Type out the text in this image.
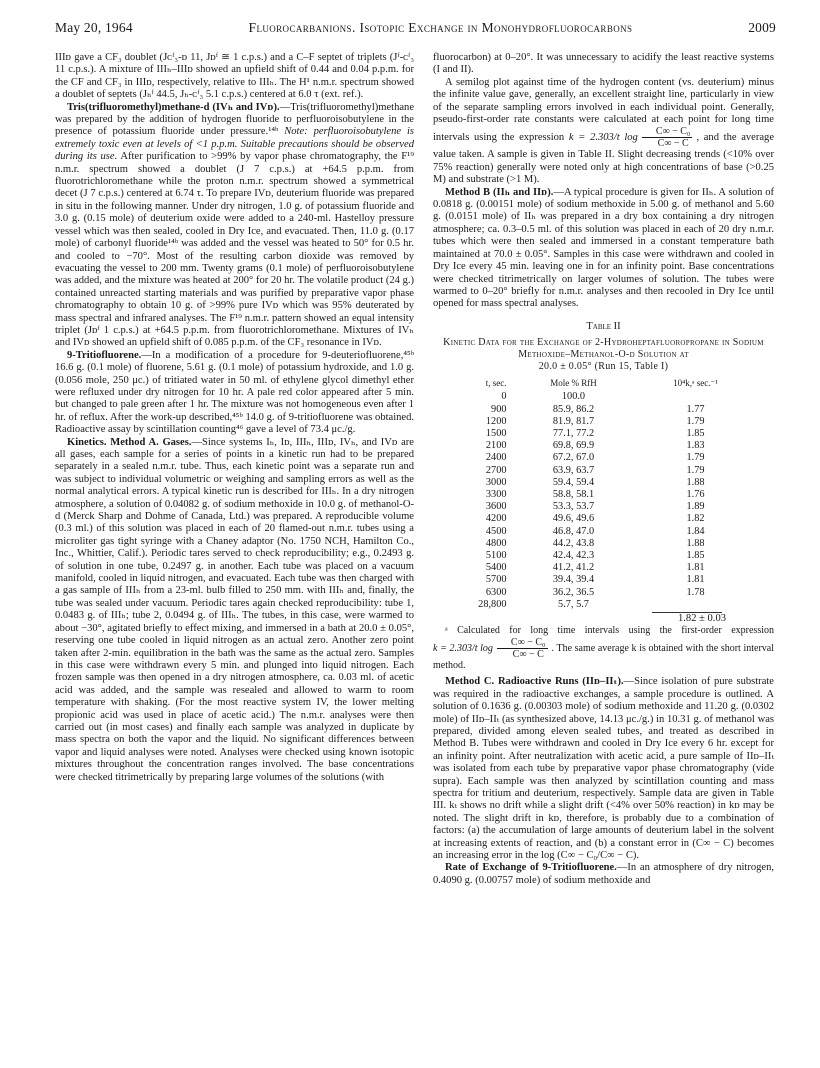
May 20, 1964	Fluorocarbanions. Isotopic Exchange in Monohydrofluorocarbons	2009

IIIᴅ gave a CF₃ doublet (Jᴄᶠ₃‑ᴅ 11, Jᴅᶠ ≅ 1 c.p.s.) and a C–F septet of triplets (Jᶠ‑ᴄᶠ₃ 11 c.p.s.). A mixture of IIIₕ–IIIᴅ showed an upfield shift of 0.44 and 0.04 p.p.m. for the CF and CF₃ in IIIᴅ, respectively, relative to IIIₕ. The H¹ n.m.r. spectrum showed a doublet of septets (Jₕᶠ 44.5, Jₕ‑ᴄᶠ₃ 5.1 c.p.s.) centered at 6.0 τ (ext. ref.).

Tris(trifluoromethyl)methane-d (IVₕ and IVᴅ).—Tris(trifluoromethyl)methane was prepared by the addition of hydrogen fluoride to perfluoroisobutylene in the presence of potassium fluoride under pressure.¹⁴ᵇ Note: perfluoroisobutylene is extremely toxic even at levels of <1 p.p.m. Suitable precautions should be observed during its use. After purification to >99% by vapor phase chromatography, the F¹⁹ n.m.r. spectrum showed a doublet (J 7 c.p.s.) at +64.5 p.p.m. from fluorotrichloromethane while the proton n.m.r. spectrum showed a symmetrical decet (J 7 c.p.s.) centered at 6.74 τ. To prepare IVᴅ, deuterium fluoride was prepared in situ in the following manner. Under dry nitrogen, 1.0 g. of potassium fluoride and 3.0 g. (0.15 mole) of deuterium oxide were added to a 240-ml. Hastelloy pressure vessel which was then sealed, cooled in Dry Ice, and evacuated. Then, 11.0 g. (0.17 mole) of carbonyl fluoride¹⁴ᵇ was added and the vessel was heated to 50° for 0.5 hr. and cooled to −70°. Most of the resulting carbon dioxide was removed by evacuating the vessel to 200 mm. Twenty grams (0.1 mole) of perfluoroisobutylene was added, and the mixture was heated at 200° for 20 hr. The volatile product (24 g.) contained unreacted starting materials and was purified by preparative vapor phase chromatography to obtain 10 g. of >99% pure IVᴅ which was 95% deuterated by mass spectral and infrared analyses. The F¹⁹ n.m.r. pattern showed an equal intensity triplet (Jᴅᶠ 1 c.p.s.) at +64.5 p.p.m. from fluorotrichloromethane. Mixtures of IVₕ and IVᴅ showed an upfield shift of 0.085 p.p.m. of the CF₃ resonance in IVᴅ.

9-Tritiofluorene.—In a modification of a procedure for 9-deuteriofluorene,⁴⁵ᵇ 16.6 g. (0.1 mole) of fluorene, 5.61 g. (0.1 mole) of potassium hydroxide, and 1.0 g. (0.056 mole, 250 μc.) of tritiated water in 50 ml. of ethylene glycol dimethyl ether were refluxed under dry nitrogen for 10 hr. A pale red color appeared after 5 min. but changed to pale green after 1 hr. The mixture was not homogeneous even after 1 hr. of reflux. After the work-up described,⁴⁵ᵇ 14.0 g. of 9-tritiofluorene was obtained. Radioactive assay by scintillation counting⁴⁶ gave a level of 73.4 μc./g.

Kinetics. Method A. Gases.—Since systems Iₕ, Iᴅ, IIIₕ, IIIᴅ, IVₕ, and IVᴅ are all gases, each sample for a series of points in a kinetic run had to be prepared separately in a sealed n.m.r. tube. Thus, each kinetic point was a separate run and was subject to individual volumetric or weighing and sampling errors as well as the normal analytical errors. A typical kinetic run is described for IIIₕ. In a dry nitrogen atmosphere, a solution of 0.04082 g. of sodium methoxide in 10.0 g. of methanol-O-d (Merck Sharp and Dohme of Canada, Ltd.) was prepared. A reproducible volume (0.3 ml.) of this solution was placed in each of 20 flamed-out n.m.r. tubes using a microliter gas tight syringe with a Chaney adaptor (No. 1750 NCH, Hamilton Co., Inc., Whittier, Calif.). Periodic tares served to check reproducibility; e.g., 0.2493 g. of solution in one tube, 0.2497 g. in another. Each tube was placed on a vacuum manifold, cooled in liquid nitrogen, and evacuated. Each tube was then charged with a gas sample of IIIₕ from a 23-ml. bulb filled to 250 mm. with IIIₕ and, finally, the tube was sealed under vacuum. Periodic tares again checked reproducibility: tube 1, 0.0483 g. of IIIₕ; tube 2, 0.0494 g. of IIIₕ. The tubes, in this case, were warmed to about −30°, agitated briefly to effect mixing, and immersed in a bath at 20.0 ± 0.05°, reserving one tube cooled in liquid nitrogen as an actual zero. Another zero point taken after 2-min. equilibration in the bath was the same as the actual zero. Samples in this case were withdrawn every 5 min. and plunged into liquid nitrogen. Each frozen sample was then opened in a dry nitrogen atmosphere, ca. 0.03 ml. of acetic acid was added, and the sample was resealed and allowed to warm to room temperature with shaking. (For the most reactive system IV, the lower melting propionic acid was used in place of acetic acid.) The n.m.r. analyses were then carried out (in most cases) and finally each sample was analyzed in duplicate by mass spectra on both the vapor and the liquid. No significant differences between vapor and liquid analyses were noted. Analyses were checked using known isotopic mixtures throughout the concentration ranges involved. The base concentrations were checked titrimetrically by preparing large volumes of the solutions (with

fluorocarbon) at 0–20°. It was unnecessary to acidify the least reactive systems (I and II).

A semilog plot against time of the hydrogen content (vs. deuterium) minus the infinite value gave, generally, an excellent straight line, particularly in view of the separate sampling errors involved in each individual point. Generally, pseudo-first-order rate constants were calculated at each point for long time intervals using the expression k = 2.303/t $\log \frac{\text{C∞ − C₀}}{C\infty - C}$ , and the average value taken. A sample is given in Table II. Slight decreasing trends (<10% over 75% reaction) generally were noted only at high concentrations of base (>0.25 M) and substrate (>1 M).

Method B (IIₕ and IIᴅ).—A typical procedure is given for IIₕ. A solution of 0.0818 g. (0.00151 mole) of sodium methoxide in 5.00 g. of methanol and 5.60 g. (0.0151 mole) of IIₕ was prepared in a dry box containing a dry nitrogen atmosphere; ca. 0.3–0.5 ml. of this solution was placed in each of 20 dry n.m.r. tubes which were then sealed and immersed in a constant temperature bath maintained at 70.0 ± 0.05°. Samples in this case were withdrawn and cooled in Dry Ice every 45 min. leaving one in for an infinity point. Base concentrations were checked titrimetrically on larger volumes of solution. The tubes were warmed to 0–20° briefly for n.m.r. analyses and then recooled in Dry Ice until opened for mass spectral analyses.

Table II
Kinetic Data for the Exchange of 2-Hydroheptafluoropropane in Sodium Methoxide–Methanol-O-d Solution at
20.0 ± 0.05° (Run 15, Table I)
t, sec.	Mole % RfH	10⁴k,ᵃ sec.⁻¹
0	100.0	
900	85.9, 86.2	1.77
1200	81.9, 81.7	1.79
1500	77.1, 77.2	1.85
2100	69.8, 69.9	1.83
2400	67.2, 67.0	1.79
2700	63.9, 63.7	1.79
3000	59.4, 59.4	1.88
3300	58.8, 58.1	1.76
3600	53.3, 53.7	1.89
4200	49.6, 49.6	1.82
4500	46.8, 47.0	1.84
4800	44.2, 43.8	1.88
5100	42.4, 42.3	1.85
5400	41.2, 41.2	1.81
5700	39.4, 39.4	1.81
6300	36.2, 36.5	1.78
28,800	5.7, 5.7	
1.82 ± 0.03

ᵃ Calculated for long time intervals using the first-order expression k = 2.303/t $\log \frac{\text{C∞ − C₀}}{C\infty - C}$ . The same average k is obtained with the short interval method.

Method C. Radioactive Runs (IIᴅ–IIₜ).—Since isolation of pure substrate was required in the radioactive exchanges, a sample procedure is outlined. A solution of 0.1636 g. (0.00303 mole) of sodium methoxide and 11.20 g. (0.0302 mole) of IIᴅ–IIₜ (as synthesized above, 14.13 μc./g.) in 10.31 g. of methanol was prepared, divided among eleven sealed tubes, and treated as described in Method B. Tubes were withdrawn and cooled in Dry Ice every 6 hr. except for an infinity point. After neutralization with acetic acid, a pure sample of IIᴅ–IIₜ was isolated from each tube by preparative vapor phase chromatography (vide supra). Each sample was then analyzed by scintillation counting and mass spectra for tritium and deuterium, respectively. Sample data are given in Table III. kₜ shows no drift while a slight drift (<4% over 50% reaction) in kᴅ may be noted. The slight drift in kᴅ, therefore, is probably due to a combination of factors: (a) the accumulation of large amounts of deuterium label in the solvent at increasing extents of reaction, and (b) a constant error in (C∞ − C) becomes an increasing error in the log (C∞ − C₀/C∞ − C).

Rate of Exchange of 9-Tritiofluorene.—In an atmosphere of dry nitrogen, 0.4090 g. (0.00757 mole) of sodium methoxide and
